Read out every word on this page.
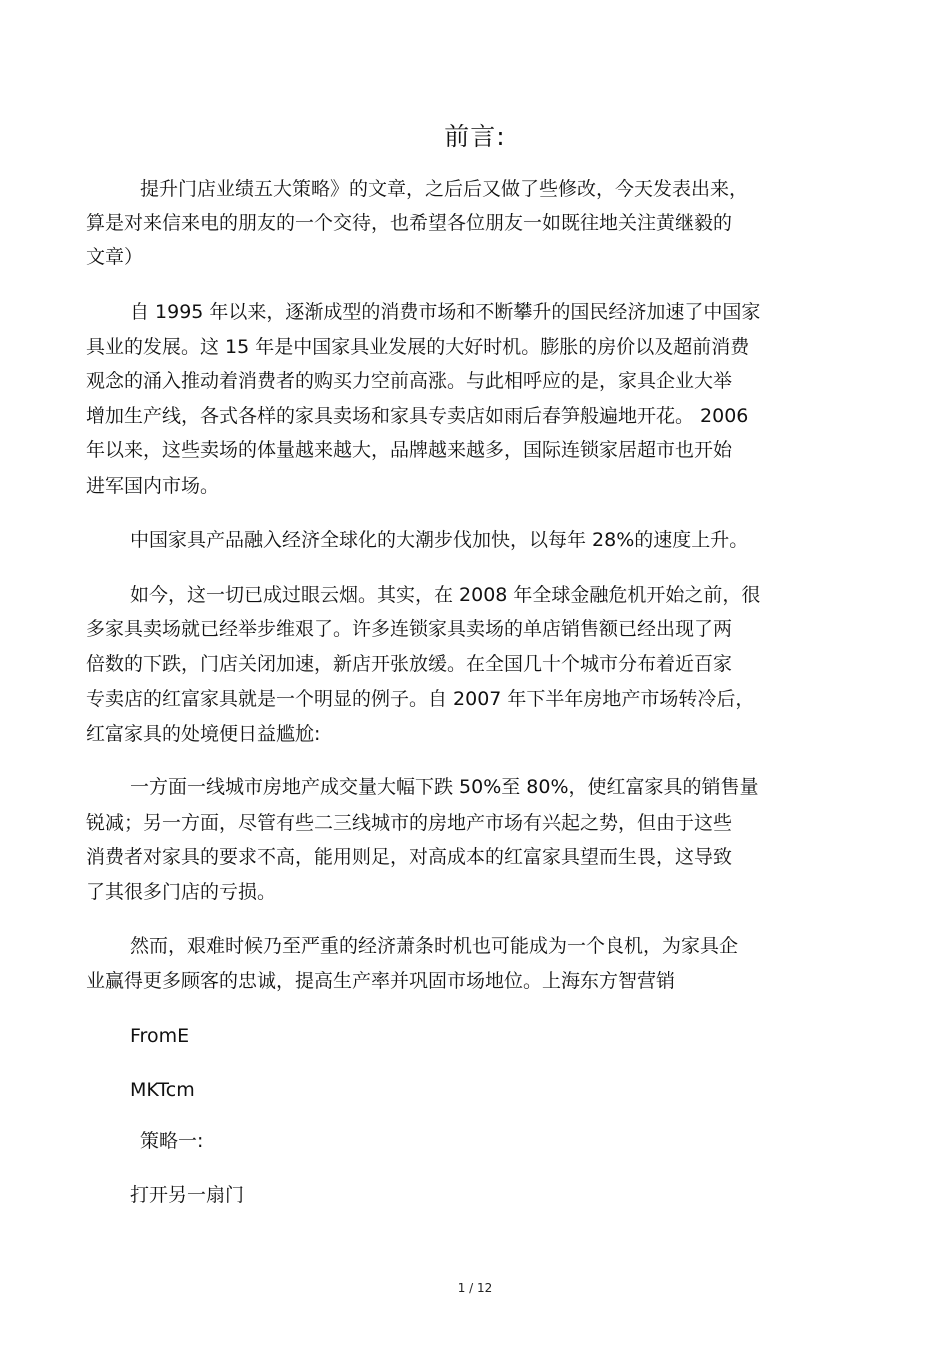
前言:
提升门店业绩五大策略》的文章，之后后又做了些修改，今天发表出来，
算是对来信来电的朋友的一个交待，也希望各位朋友一如既往地关注黄继毅的
文章）
自 1995 年以来，逐渐成型的消费市场和不断攀升的国民经济加速了中国家
具业的发展。这 15 年是中国家具业发展的大好时机。膨胀的房价以及超前消费
观念的涌入推动着消费者的购买力空前高涨。与此相呼应的是，家具企业大举
增加生产线，各式各样的家具卖场和家具专卖店如雨后春笋般遍地开花。 2006
年以来，这些卖场的体量越来越大，品牌越来越多，国际连锁家居超市也开始
进军国内市场。
中国家具产品融入经济全球化的大潮步伐加快，以每年 28%的速度上升。
如今，这一切已成过眼云烟。其实，在 2008 年全球金融危机开始之前，很
多家具卖场就已经举步维艰了。许多连锁家具卖场的单店销售额已经出现了两
倍数的下跌，门店关闭加速，新店开张放缓。在全国几十个城市分布着近百家
专卖店的红富家具就是一个明显的例子。自 2007 年下半年房地产市场转冷后，
红富家具的处境便日益尴尬:
一方面一线城市房地产成交量大幅下跌 50%至 80%，使红富家具的销售量
锐减；另一方面，尽管有些二三线城市的房地产市场有兴起之势，但由于这些
消费者对家具的要求不高，能用则足，对高成本的红富家具望而生畏，这导致
了其很多门店的亏损。
然而，艰难时候乃至严重的经济萧条时机也可能成为一个良机，为家具企
业赢得更多顾客的忠诚，提高生产率并巩固市场地位。上海东方智营销
FromE
MKTcm
策略一:
打开另一扇门
1 / 12
